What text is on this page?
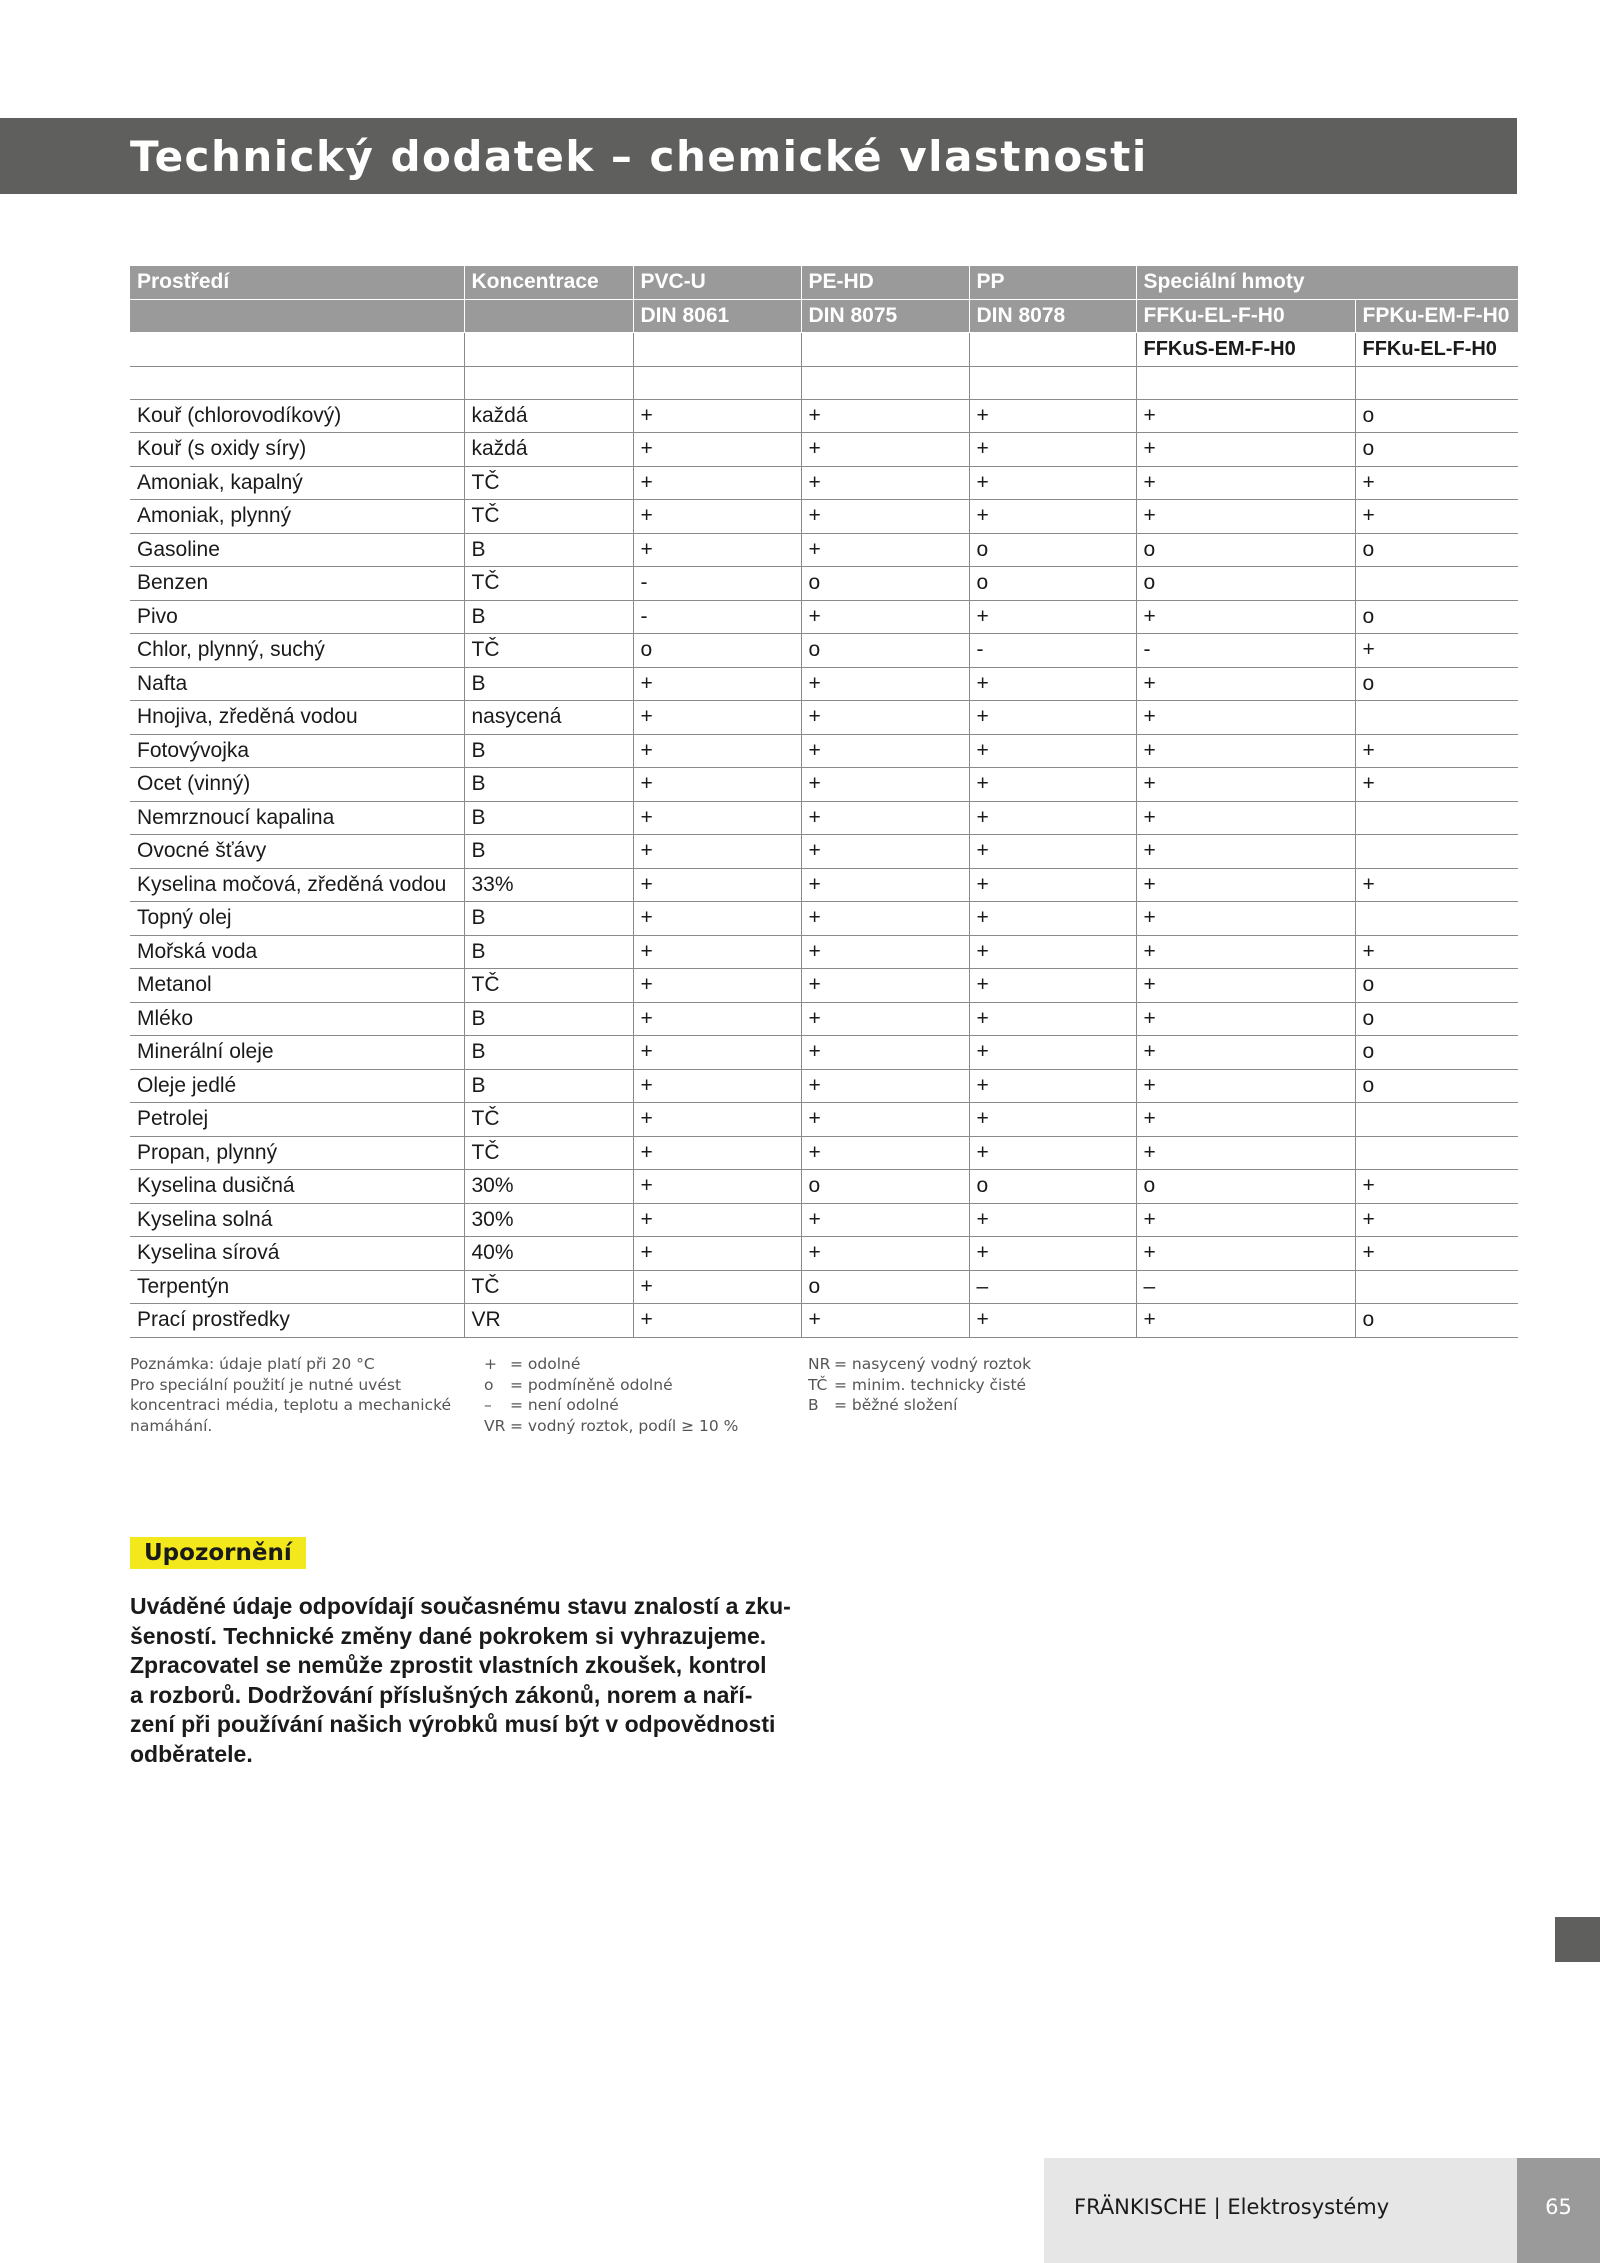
Technický dodatek – chemické vlastnosti
Prostředí	Koncentrace	PVC-U	PE-HD	PP	Speciální hmoty	
		DIN 8061	DIN 8075	DIN 8078	FFKu-EL-F-H0	FPKu-EM-F-H0
					FFKuS-EM-F-H0	FFKu-EL-F-H0

Kouř (chlorovodíkový)	každá	+	+	+	+	o
Kouř (s oxidy síry)	každá	+	+	+	+	o
Amoniak, kapalný	TČ	+	+	+	+	+
Amoniak, plynný	TČ	+	+	+	+	+
Gasoline	B	+	+	o	o	o
Benzen	TČ	-	o	o	o	
Pivo	B	-	+	+	+	o
Chlor, plynný, suchý	TČ	o	o	-	-	+
Nafta	B	+	+	+	+	o
Hnojiva, zředěná vodou	nasycená	+	+	+	+	
Fotovývojka	B	+	+	+	+	+
Ocet (vinný)	B	+	+	+	+	+
Nemrznoucí kapalina	B	+	+	+	+	
Ovocné šťávy	B	+	+	+	+	
Kyselina močová, zředěná vodou	33%	+	+	+	+	+
Topný olej	B	+	+	+	+	
Mořská voda	B	+	+	+	+	+
Metanol	TČ	+	+	+	+	o
Mléko	B	+	+	+	+	o
Minerální oleje	B	+	+	+	+	o
Oleje jedlé	B	+	+	+	+	o
Petrolej	TČ	+	+	+	+	
Propan, plynný	TČ	+	+	+	+	
Kyselina dusičná	30%	+	o	o	o	+
Kyselina solná	30%	+	+	+	+	+
Kyselina sírová	40%	+	+	+	+	+
Terpentýn	TČ	+	o	–	–	
Prací prostředky	VR	+	+	+	+	o
Poznámka: údaje platí při 20 °C
Pro speciální použití je nutné uvést
koncentraci média, teplotu a mechanické
namáhání.
+ = odolné
o = podmíněně odolné
– = není odolné
VR = vodný roztok, podíl ≥ 10 %
NR = nasycený vodný roztok
TČ = minim. technicky čisté
B = běžné složení
Upozornění
Uváděné údaje odpovídají současnému stavu znalostí a zku-
šeností. Technické změny dané pokrokem si vyhrazujeme.
Zpracovatel se nemůže zprostit vlastních zkoušek, kontrol
a rozborů. Dodržování příslušných zákonů, norem a naří-
zení při používání našich výrobků musí být v odpovědnosti
odběratele.
FRÄNKISCHE | Elektrosystémy	65
